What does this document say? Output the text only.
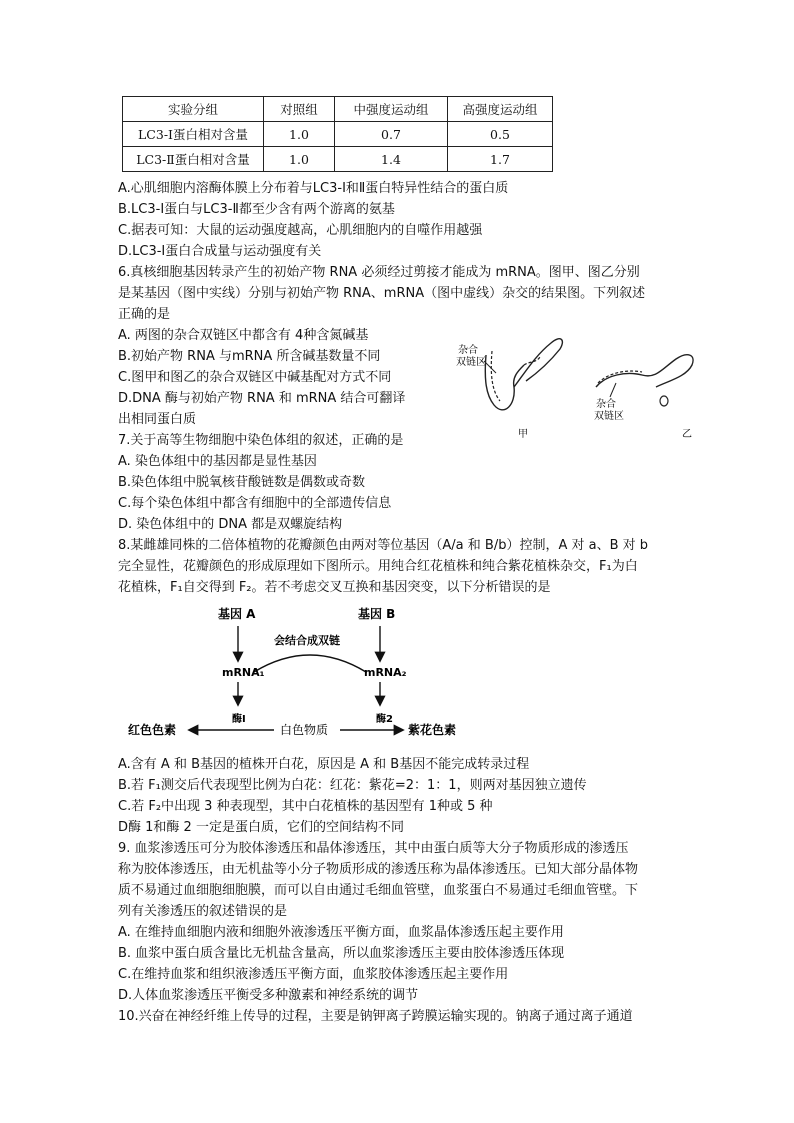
实验分组	对照组	中强度运动组	高强度运动组
LC3-Ⅰ蛋白相对含量	1.0	0.7	0.5
LC3-Ⅱ蛋白相对含量	1.0	1.4	1.7
A.心肌细胞内溶酶体膜上分布着与LC3-Ⅰ和Ⅱ蛋白特异性结合的蛋白质
B.LC3-Ⅰ蛋白与LC3-Ⅱ都至少含有两个游离的氨基
C.据表可知：大鼠的运动强度越高，心肌细胞内的自噬作用越强
D.LC3-Ⅰ蛋白合成量与运动强度有关
6.真核细胞基因转录产生的初始产物 RNA 必须经过剪接才能成为 mRNA。图甲、图乙分别
是某基因（图中实线）分别与初始产物 RNA、mRNA（图中虚线）杂交的结果图。下列叙述
正确的是
A. 两图的杂合双链区中都含有 4种含氮碱基
B.初始产物 RNA 与mRNA 所含碱基数量不同
C.图甲和图乙的杂合双链区中碱基配对方式不同
D.DNA 酶与初始产物 RNA 和 mRNA 结合可翻译
出相同蛋白质
杂合
双链区
甲
杂合
双链区
乙
7.关于高等生物细胞中染色体组的叙述，正确的是
A. 染色体组中的基因都是显性基因
B.染色体组中脱氧核苷酸链数是偶数或奇数
C.每个染色体组中都含有细胞中的全部遗传信息
D. 染色体组中的 DNA 都是双螺旋结构
8.某雌雄同株的二倍体植物的花瓣颜色由两对等位基因（A/a 和 B/b）控制，A 对 a、B 对 b
完全显性，花瓣颜色的形成原理如下图所示。用纯合红花植株和纯合紫花植株杂交，F₁为白
花植株，F₁自交得到 F₂。若不考虑交叉互换和基因突变，以下分析错误的是
基因 A	基因 B
会结合成双链
mRNA₁	mRNA₂
酶Ⅰ	酶2
红色色素	白色物质	紫花色素
A.含有 A 和 B基因的植株开白花，原因是 A 和 B基因不能完成转录过程
B.若 F₁测交后代表现型比例为白花：红花：紫花=2：1：1，则两对基因独立遗传
C.若 F₂中出现 3 种表现型，其中白花植株的基因型有 1种或 5 种
D酶 1和酶 2 一定是蛋白质，它们的空间结构不同
9. 血浆渗透压可分为胶体渗透压和晶体渗透压，其中由蛋白质等大分子物质形成的渗透压
称为胶体渗透压，由无机盐等小分子物质形成的渗透压称为晶体渗透压。已知大部分晶体物
质不易通过血细胞细胞膜，而可以自由通过毛细血管壁，血浆蛋白不易通过毛细血管壁。下
列有关渗透压的叙述错误的是
A. 在维持血细胞内液和细胞外液渗透压平衡方面，血浆晶体渗透压起主要作用
B. 血浆中蛋白质含量比无机盐含量高，所以血浆渗透压主要由胶体渗透压体现
C.在维持血浆和组织液渗透压平衡方面，血浆胶体渗透压起主要作用
D.人体血浆渗透压平衡受多种激素和神经系统的调节
10.兴奋在神经纤维上传导的过程，主要是钠钾离子跨膜运输实现的。钠离子通过离子通道
